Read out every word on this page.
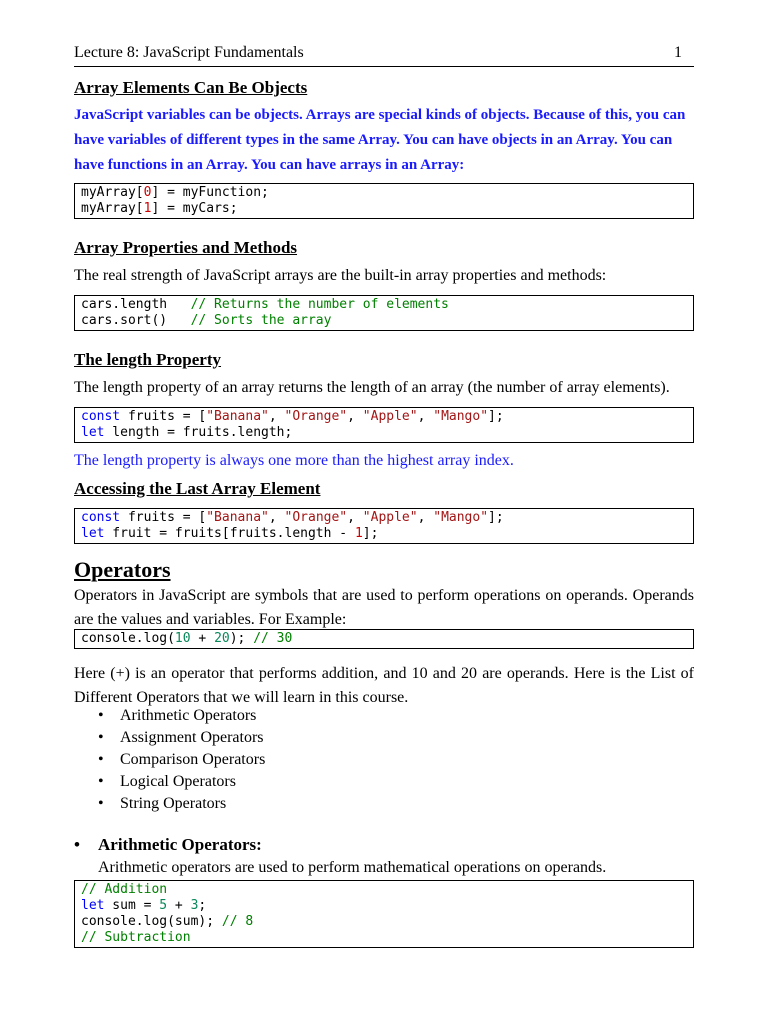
Lecture 8: JavaScript Fundamentals	1
Array Elements Can Be Objects
JavaScript variables can be objects. Arrays are special kinds of objects. Because of this, you can have variables of different types in the same Array. You can have objects in an Array. You can have functions in an Array. You can have arrays in an Array:
myArray[0] = myFunction;
myArray[1] = myCars;
Array Properties and Methods
The real strength of JavaScript arrays are the built-in array properties and methods:
cars.length   // Returns the number of elements
cars.sort()   // Sorts the array
The length Property
The length property of an array returns the length of an array (the number of array elements).
const fruits = ["Banana", "Orange", "Apple", "Mango"];
let length = fruits.length;
The length property is always one more than the highest array index.
Accessing the Last Array Element
const fruits = ["Banana", "Orange", "Apple", "Mango"];
let fruit = fruits[fruits.length - 1];
Operators
Operators in JavaScript are symbols that are used to perform operations on operands. Operands are the values and variables. For Example:
console.log(10 + 20); // 30
Here (+) is an operator that performs addition, and 10 and 20 are operands. Here is the List of Different Operators that we will learn in this course.
• Arithmetic Operators
• Assignment Operators
• Comparison Operators
• Logical Operators
• String Operators
• Arithmetic Operators:
Arithmetic operators are used to perform mathematical operations on operands.
// Addition
let sum = 5 + 3;
console.log(sum); // 8
// Subtraction
